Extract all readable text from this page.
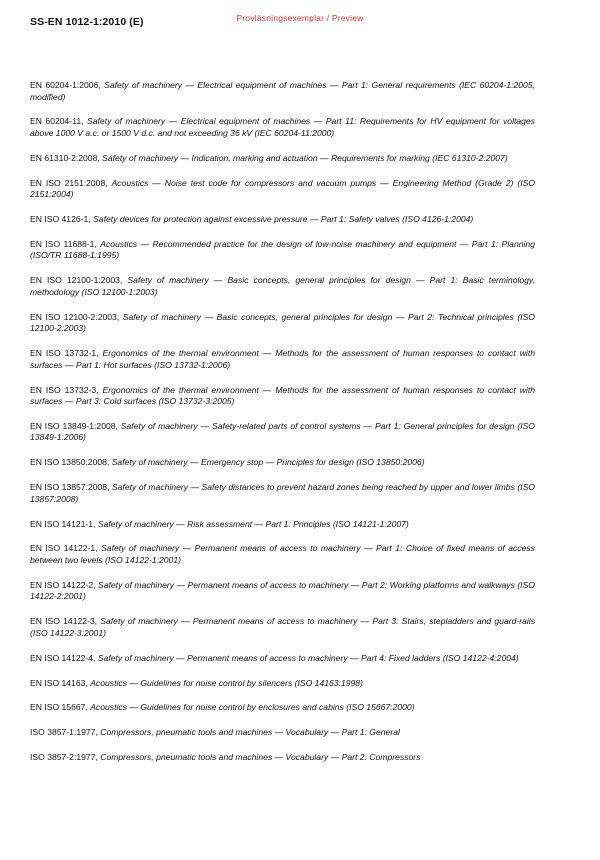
SS-EN 1012-1:2010 (E)	Provläsningsexemplar / Preview
EN 60204-1:2006, Safety of machinery — Electrical equipment of machines — Part 1: General requirements (IEC 60204-1:2005, modified)
EN 60204-11, Safety of machinery — Electrical equipment of machines — Part 11: Requirements for HV equipment for voltages above 1000 V a.c. or 1500 V d.c. and not exceeding 36 kV (IEC 60204-11:2000)
EN 61310-2:2008, Safety of machinery — Indication, marking and actuation — Requirements for marking (IEC 61310-2:2007)
EN ISO 2151:2008, Acoustics — Noise test code for compressors and vacuum pumps — Engineering Method (Grade 2) (ISO 2151:2004)
EN ISO 4126-1, Safety devices for protection against excessive pressure — Part 1: Safety valves (ISO 4126-1:2004)
EN ISO 11688-1, Acoustics — Recommended practice for the design of low-noise machinery and equipment — Part 1: Planning (ISO/TR 11688-1:1995)
EN ISO 12100-1:2003, Safety of machinery — Basic concepts, general principles for design — Part 1: Basic terminology, methodology (ISO 12100-1:2003)
EN ISO 12100-2:2003, Safety of machinery — Basic concepts, general principles for design — Part 2: Technical principles (ISO 12100-2:2003)
EN ISO 13732-1, Ergonomics of the thermal environment — Methods for the assessment of human responses to contact with surfaces — Part 1: Hot surfaces (ISO 13732-1:2006)
EN ISO 13732-3, Ergonomics of the thermal environment — Methods for the assessment of human responses to contact with surfaces — Part 3: Cold surfaces (ISO 13732-3:2005)
EN ISO 13849-1:2008, Safety of machinery — Safety-related parts of control systems — Part 1: General principles for design (ISO 13849-1:2006)
EN ISO 13850:2008, Safety of machinery — Emergency stop — Principles for design (ISO 13850:2006)
EN ISO 13857:2008, Safety of machinery — Safety distances to prevent hazard zones being reached by upper and lower limbs (ISO 13857:2008)
EN ISO 14121-1, Safety of machinery — Risk assessment — Part 1: Principles (ISO 14121-1:2007)
EN ISO 14122-1, Safety of machinery — Permanent means of access to machinery — Part 1: Choice of fixed means of access between two levels (ISO 14122-1:2001)
EN ISO 14122-2, Safety of machinery — Permanent means of access to machinery — Part 2: Working platforms and walkways (ISO 14122-2:2001)
EN ISO 14122-3, Safety of machinery — Permanent means of access to machinery — Part 3: Stairs, stepladders and guard-rails (ISO 14122-3:2001)
EN ISO 14122-4, Safety of machinery — Permanent means of access to machinery — Part 4: Fixed ladders (ISO 14122-4:2004)
EN ISO 14163, Acoustics — Guidelines for noise control by silencers (ISO 14163:1998)
EN ISO 15667, Acoustics — Guidelines for noise control by enclosures and cabins (ISO 15667:2000)
ISO 3857-1:1977, Compressors, pneumatic tools and machines — Vocabulary — Part 1: General
ISO 3857-2:1977, Compressors, pneumatic tools and machines — Vocabulary — Part 2: Compressors
